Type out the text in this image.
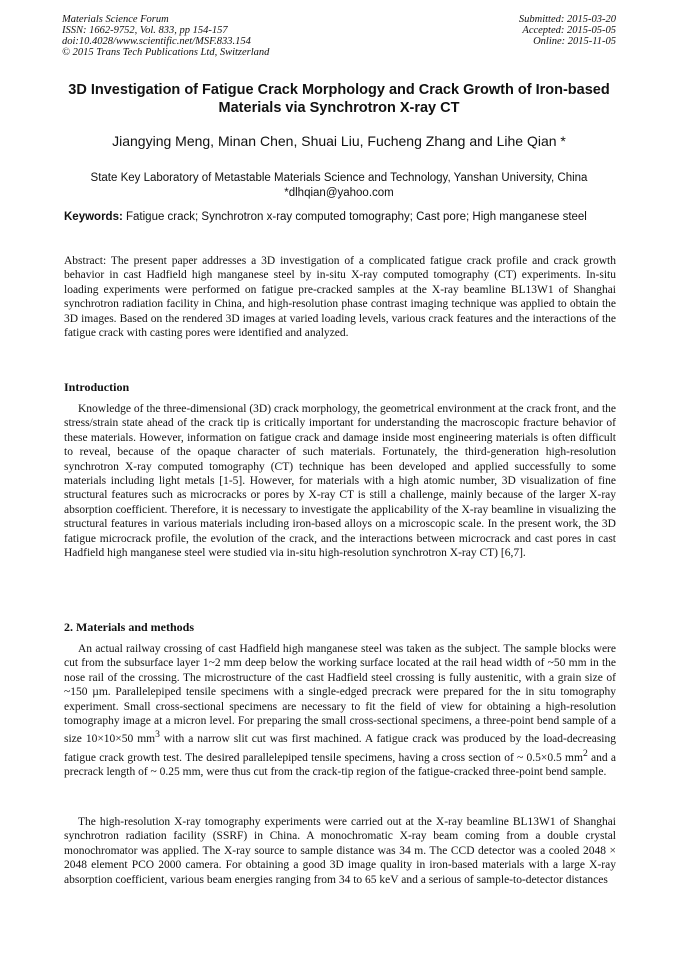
Materials Science Forum
ISSN: 1662-9752, Vol. 833, pp 154-157
doi:10.4028/www.scientific.net/MSF.833.154
© 2015 Trans Tech Publications Ltd, Switzerland
Submitted: 2015-03-20
Accepted: 2015-05-05
Online: 2015-11-05
3D Investigation of Fatigue Crack Morphology and Crack Growth of Iron-based Materials via Synchrotron X-ray CT
Jiangying Meng, Minan Chen, Shuai Liu, Fucheng Zhang and Lihe Qian *
State Key Laboratory of Metastable Materials Science and Technology, Yanshan University, China
*dlhqian@yahoo.com
Keywords: Fatigue crack; Synchrotron x-ray computed tomography; Cast pore; High manganese steel
Abstract: The present paper addresses a 3D investigation of a complicated fatigue crack profile and crack growth behavior in cast Hadfield high manganese steel by in-situ X-ray computed tomography (CT) experiments. In-situ loading experiments were performed on fatigue pre-cracked samples at the X-ray beamline BL13W1 of Shanghai synchrotron radiation facility in China, and high-resolution phase contrast imaging technique was applied to obtain the 3D images. Based on the rendered 3D images at varied loading levels, various crack features and the interactions of the fatigue crack with casting pores were identified and analyzed.
Introduction
Knowledge of the three-dimensional (3D) crack morphology, the geometrical environment at the crack front, and the stress/strain state ahead of the crack tip is critically important for understanding the macroscopic fracture behavior of these materials. However, information on fatigue crack and damage inside most engineering materials is often difficult to reveal, because of the opaque character of such materials. Fortunately, the third-generation high-resolution synchrotron X-ray computed tomography (CT) technique has been developed and applied successfully to some materials including light metals [1-5]. However, for materials with a high atomic number, 3D visualization of fine structural features such as microcracks or pores by X-ray CT is still a challenge, mainly because of the larger X-ray absorption coefficient. Therefore, it is necessary to investigate the applicability of the X-ray beamline in visualizing the structural features in various materials including iron-based alloys on a microscopic scale. In the present work, the 3D fatigue microcrack profile, the evolution of the crack, and the interactions between microcrack and cast pores in cast Hadfield high manganese steel were studied via in-situ high-resolution synchrotron X-ray CT) [6,7].
2. Materials and methods
An actual railway crossing of cast Hadfield high manganese steel was taken as the subject. The sample blocks were cut from the subsurface layer 1~2 mm deep below the working surface located at the rail head width of ~50 mm in the nose rail of the crossing. The microstructure of the cast Hadfield steel crossing is fully austenitic, with a grain size of ~150 µm. Parallelepiped tensile specimens with a single-edged precrack were prepared for the in situ tomography experiment. Small cross-sectional specimens are necessary to fit the field of view for obtaining a high-resolution tomography image at a micron level. For preparing the small cross-sectional specimens, a three-point bend sample of a size 10×10×50 $mm^3$ with a narrow slit cut was first machined. A fatigue crack was produced by the load-decreasing fatigue crack growth test. The desired parallelepiped tensile specimens, having a cross section of ~ 0.5×0.5 $mm^2$ and a precrack length of ~ 0.25 mm, were thus cut from the crack-tip region of the fatigue-cracked three-point bend sample.
The high-resolution X-ray tomography experiments were carried out at the X-ray beamline BL13W1 of Shanghai synchrotron radiation facility (SSRF) in China. A monochromatic X-ray beam coming from a double crystal monochromator was applied. The X-ray source to sample distance was 34 m. The CCD detector was a cooled 2048 × 2048 element PCO 2000 camera. For obtaining a good 3D image quality in iron-based materials with a large X-ray absorption coefficient, various beam energies ranging from 34 to 65 keV and a serious of sample-to-detector distances
